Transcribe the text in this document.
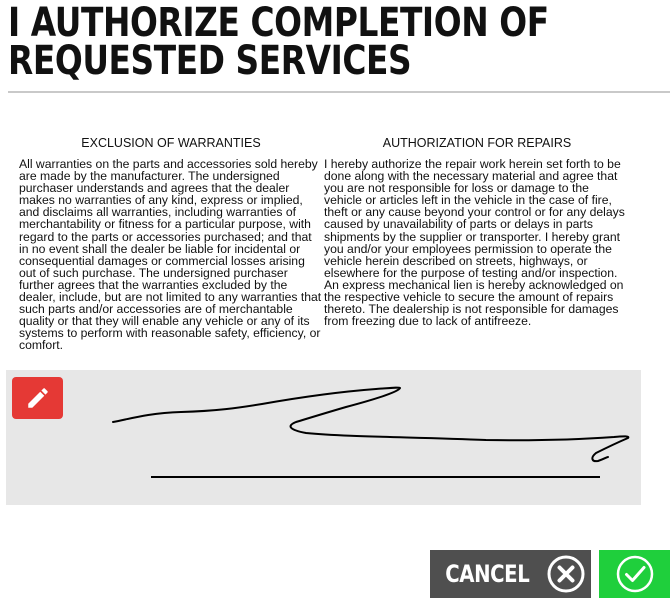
I AUTHORIZE COMPLETION OF
REQUESTED SERVICES
EXCLUSION OF WARRANTIES

All warranties on the parts and accessories sold hereby are made by the manufacturer. The undersigned purchaser understands and agrees that the dealer makes no warranties of any kind, express or implied, and disclaims all warranties, including warranties of merchantability or fitness for a particular purpose, with regard to the parts or accessories purchased; and that in no event shall the dealer be liable for incidental or consequential damages or commercial losses arising out of such purchase. The undersigned purchaser further agrees that the warranties excluded by the dealer, include, but are not limited to any warranties that such parts and/or accessories are of merchantable quality or that they will enable any vehicle or any of its systems to perform with reasonable safety, efficiency, or comfort.

AUTHORIZATION FOR REPAIRS

I hereby authorize the repair work herein set forth to be done along with the necessary material and agree that you are not responsible for loss or damage to the vehicle or articles left in the vehicle in the case of fire, theft or any cause beyond your control or for any delays caused by unavailability of parts or delays in parts shipments by the supplier or transporter. I hereby grant you and/or your employees permission to operate the vehicle herein described on streets, highways, or elsewhere for the purpose of testing and/or inspection. An express mechanical lien is hereby acknowledged on the respective vehicle to secure the amount of repairs thereto. The dealership is not responsible for damages from freezing due to lack of antifreeze.

CANCEL
